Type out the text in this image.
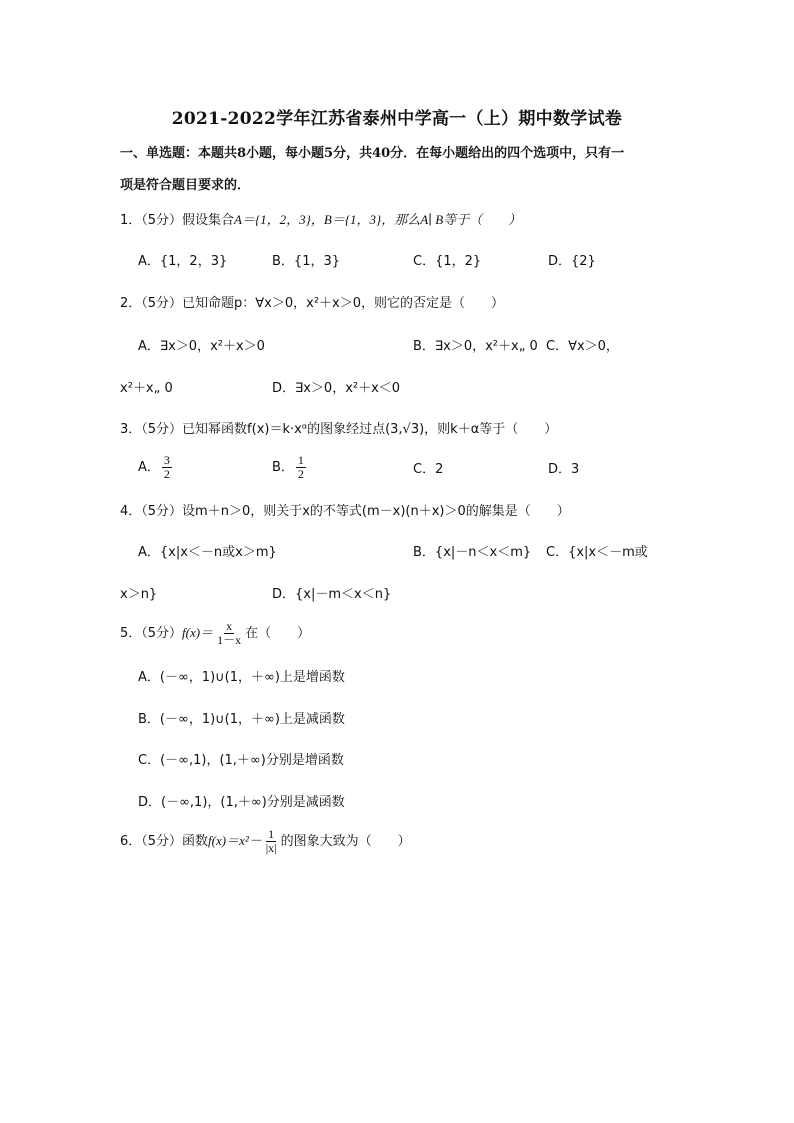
2021-2022学年江苏省泰州中学高一（上）期中数学试卷
一、单选题：本题共8小题，每小题5分，共40分．在每小题给出的四个选项中，只有一
项是符合题目要求的．
1．（5分）假设集合A＝{1，2，3}，B＝{1，3}，那么A∣ B等于（　　）
A．{1，2，3}	B．{1，3}	C．{1，2}	D．{2}
2．（5分）已知命题p：∀x＞0，x²＋x＞0，则它的否定是（　　）
A．∃x＞0，x²＋x＞0	B．∃x＞0，x²＋x„ 0 C．∀x＞0，
x²＋x„ 0	D．∃x＞0，x²＋x＜0
3．（5分）已知幂函数f(x)＝k·xᵅ的图象经过点(3,√3)，则k＋α等于（　　）
A． $\frac{3}{2}$	B． $\frac{1}{2}$	C．2	D．3
4．（5分）设m＋n＞0，则关于x的不等式(m－x)(n＋x)＞0的解集是（　　）
A．{x|x＜－n或x＞m}	B．{x|－n＜x＜m} C．{x|x＜－m或
x＞n}	D．{x|－m＜x＜n}
5．（5分）$f(x)= \frac{x}{1-x}$ 在（　　）
A．(－∞，1)∪(1，＋∞)上是增函数
B．(－∞，1)∪(1，＋∞)上是减函数
C．(－∞,1)，(1,＋∞)分别是增函数
D．(－∞,1)，(1,＋∞)分别是减函数
6．（5分）函数$f(x)=x^2- \frac{1}{|x|}$ 的图象大致为（　　）
